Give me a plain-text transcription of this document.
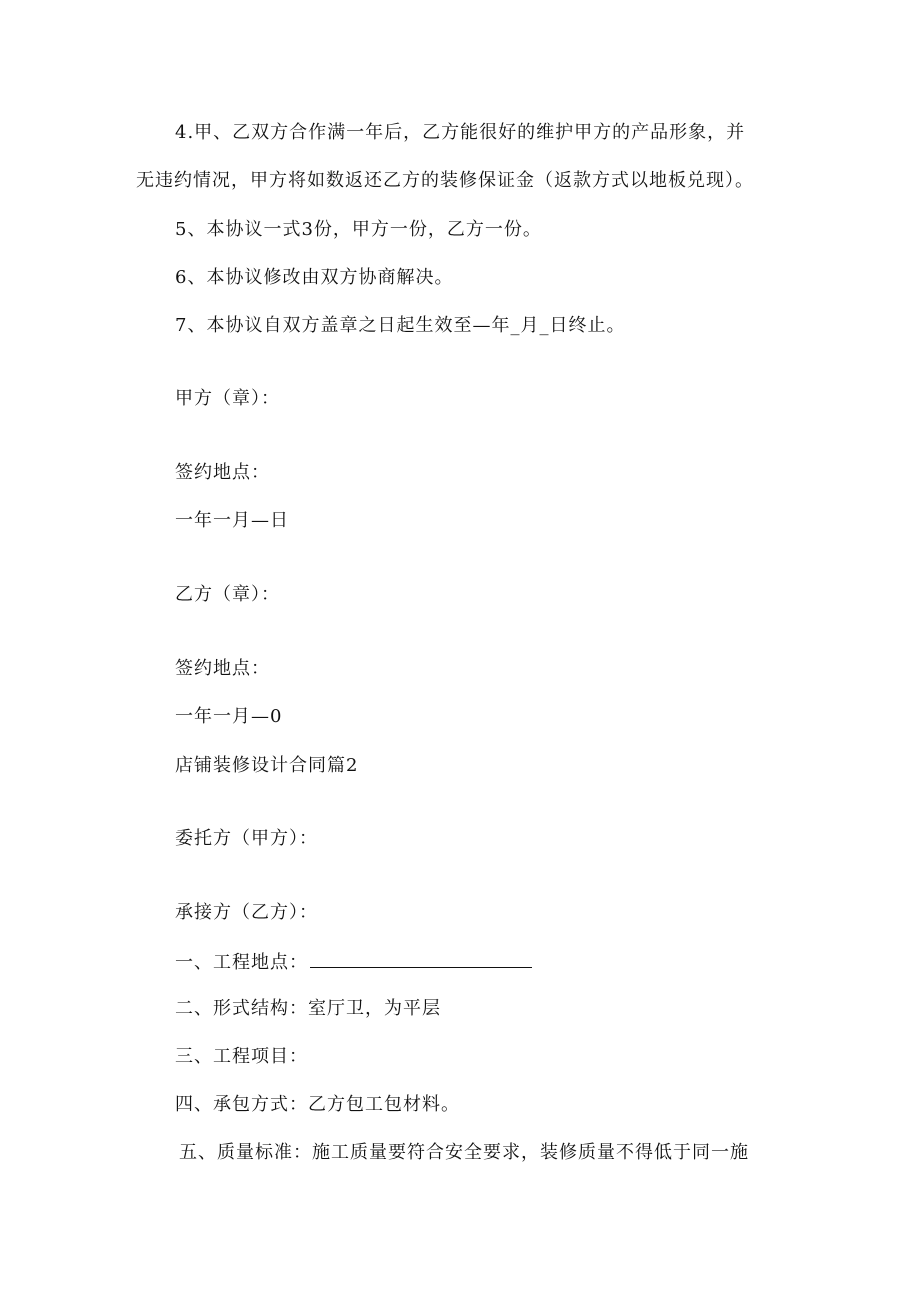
4.甲、乙双方合作满一年后，乙方能很好的维护甲方的产品形象，并
无违约情况，甲方将如数返还乙方的装修保证金（返款方式以地板兑现）。
5、本协议一式3份，甲方一份，乙方一份。
6、本协议修改由双方协商解决。
7、本协议自双方盖章之日起生效至—年_月_日终止。
甲方（章）：
签约地点：
一年一月—日
乙方（章）：
签约地点：
一年一月—0
店铺装修设计合同篇2
委托方（甲方）：
承接方（乙方）：
一、工程地点：
二、形式结构：室厅卫，为平层
三、工程项目：
四、承包方式：乙方包工包材料。
五、质量标准：施工质量要符合安全要求，装修质量不得低于同一施
